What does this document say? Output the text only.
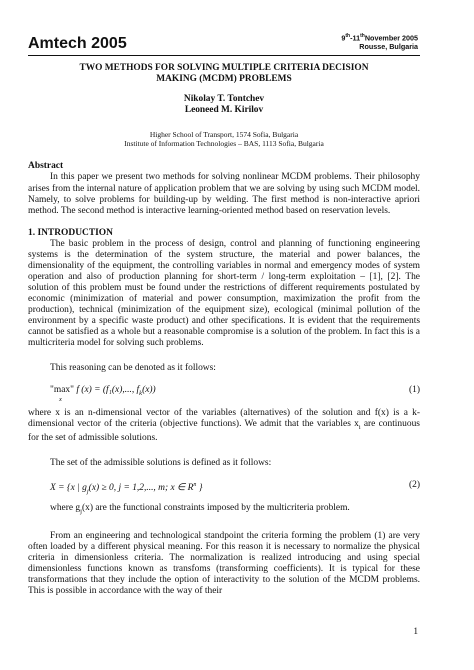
Amtech 2005	9th-11thNovember 2005
Rousse, Bulgaria
TWO METHODS FOR SOLVING MULTIPLE CRITERIA DECISION
MAKING (MCDM) PROBLEMS
Nikolay T. Tontchev
Leoneed M. Kirilov
Higher School of Transport, 1574 Sofia, Bulgaria
Institute of Information Technologies – BAS, 1113 Sofia, Bulgaria
Abstract

In this paper we present two methods for solving nonlinear MCDM problems. Their philosophy arises from the internal nature of application problem that we are solving by using such MCDM model. Namely, to solve problems for building-up by welding. The first method is non-interactive apriori method. The second method is interactive learning-oriented method based on reservation levels.

1. INTRODUCTION

The basic problem in the process of design, control and planning of functioning engineering systems is the determination of the system structure, the material and power balances, the dimensionality of the equipment, the controlling variables in normal and emergency modes of system operation and also of production planning for short-term / long-term exploitation – [1], [2]. The solution of this problem must be found under the restrictions of different requirements postulated by economic (minimization of material and power consumption, maximization the profit from the production), technical (minimization of the equipment size), ecological (minimal pollution of the environment by a specific waste product) and other specifications. It is evident that the requirements cannot be satisfied as a whole but a reasonable compromise is a solution of the problem. In fact this is a multicriteria model for solving such problems.

This reasoning can be denoted as it follows:

"max"
x
f (x) = (f₁(x),..., $f_k(x)$)	(1)

where x is an n-dimensional vector of the variables (alternatives) of the solution and f(x) is a k-dimensional vector of the criteria (objective functions). We admit that the variables $x_i$ are continuous for the set of admissible solutions.

The set of the admissible solutions is defined as it follows:

X = {x | $g_j(x) \ge 0$, j = 1,2,..., m; x ∈ $R^n$ }	(2)

where $g_j(x)$ are the functional constraints imposed by the multicriteria problem.

From an engineering and technological standpoint the criteria forming the problem (1) are very often loaded by a different physical meaning. For this reason it is necessary to normalize the physical criteria in dimensionless criteria. The normalization is realized introducing and using special dimensionless functions known as transfoms (transforming coefficients). It is typical for these transformations that they include the option of interactivity to the solution of the MCDM problems. This is possible in accordance with the way of their

1
